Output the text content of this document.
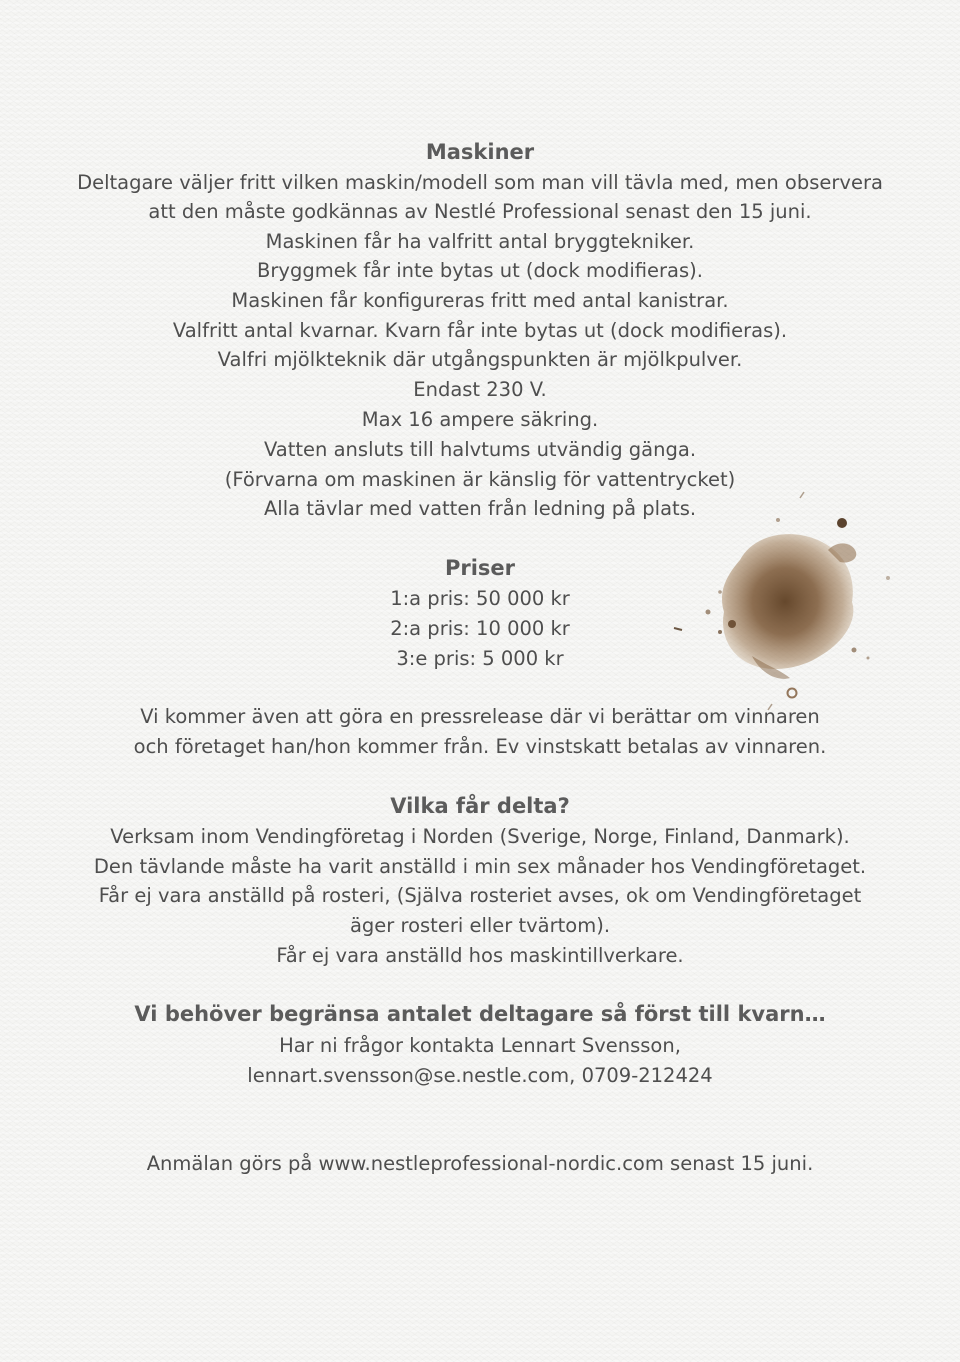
Maskiner
Deltagare väljer fritt vilken maskin/modell som man vill tävla med, men observera
att den måste godkännas av Nestlé Professional senast den 15 juni.
Maskinen får ha valfritt antal bryggtekniker.
Bryggmek får inte bytas ut (dock modifieras).
Maskinen får konfigureras fritt med antal kanistrar.
Valfritt antal kvarnar. Kvarn får inte bytas ut (dock modifieras).
Valfri mjölkteknik där utgångspunkten är mjölkpulver.
Endast 230 V.
Max 16 ampere säkring.
Vatten ansluts till halvtums utvändig gänga.
(Förvarna om maskinen är känslig för vattentrycket)
Alla tävlar med vatten från ledning på plats.
Priser
1:a pris: 50 000 kr
2:a pris: 10 000 kr
3:e pris: 5 000 kr
Vi kommer även att göra en pressrelease där vi berättar om vinnaren
och företaget han/hon kommer från. Ev vinstskatt betalas av vinnaren.
Vilka får delta?
Verksam inom Vendingföretag i Norden (Sverige, Norge, Finland, Danmark).
Den tävlande måste ha varit anställd i min sex månader hos Vendingföretaget.
Får ej vara anställd på rosteri, (Själva rosteriet avses, ok om Vendingföretaget
äger rosteri eller tvärtom).
Får ej vara anställd hos maskintillverkare.
Vi behöver begränsa antalet deltagare så först till kvarn…
Har ni frågor kontakta Lennart Svensson,
lennart.svensson@se.nestle.com, 0709-212424
Anmälan görs på www.nestleprofessional-nordic.com senast 15 juni.
